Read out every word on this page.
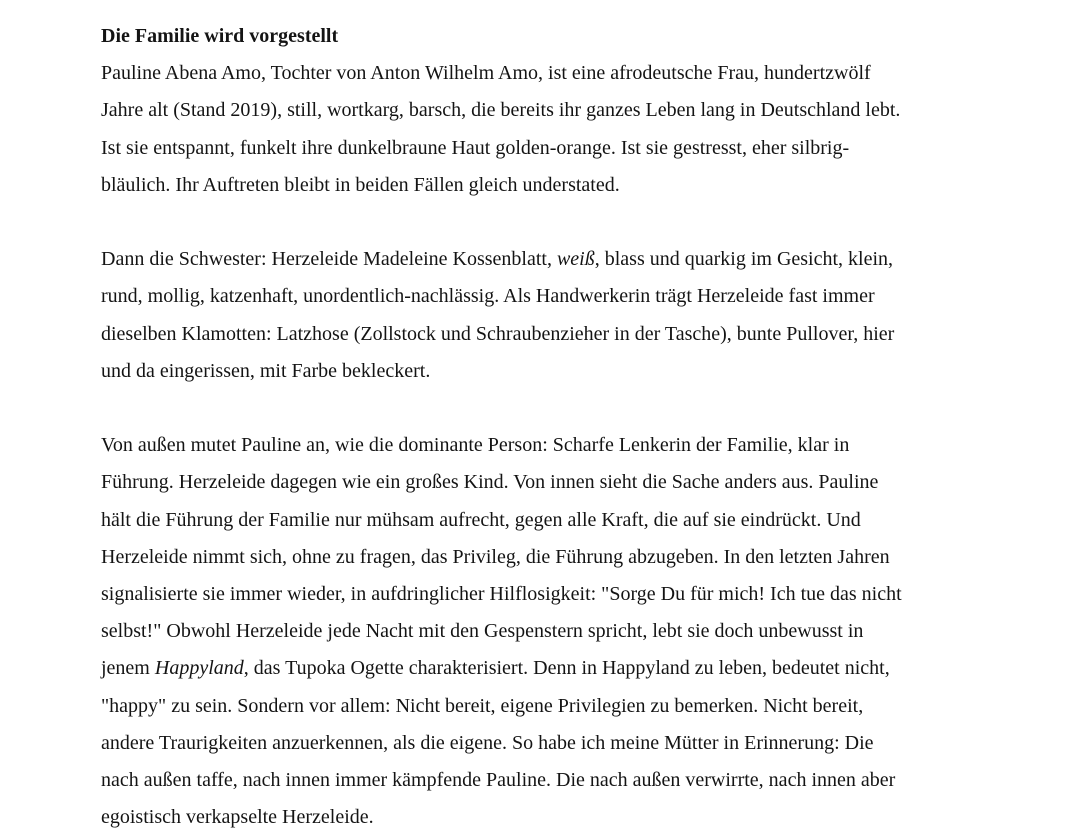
Die Familie wird vorgestellt

Pauline Abena Amo, Tochter von Anton Wilhelm Amo, ist eine afrodeutsche Frau, hundertzwölf
Jahre alt (Stand 2019), still, wortkarg, barsch, die bereits ihr ganzes Leben lang in Deutschland lebt.
Ist sie entspannt, funkelt ihre dunkelbraune Haut golden-orange. Ist sie gestresst, eher silbrig-
bläulich. Ihr Auftreten bleibt in beiden Fällen gleich understated.

Dann die Schwester: Herzeleide Madeleine Kossenblatt, weiß, blass und quarkig im Gesicht, klein,
rund, mollig, katzenhaft, unordentlich-nachlässig. Als Handwerkerin trägt Herzeleide fast immer
dieselben Klamotten: Latzhose (Zollstock und Schraubenzieher in der Tasche), bunte Pullover, hier
und da eingerissen, mit Farbe bekleckert.

Von außen mutet Pauline an, wie die dominante Person: Scharfe Lenkerin der Familie, klar in
Führung. Herzeleide dagegen wie ein großes Kind. Von innen sieht die Sache anders aus. Pauline
hält die Führung der Familie nur mühsam aufrecht, gegen alle Kraft, die auf sie eindrückt. Und
Herzeleide nimmt sich, ohne zu fragen, das Privileg, die Führung abzugeben. In den letzten Jahren
signalisierte sie immer wieder, in aufdringlicher Hilflosigkeit: "Sorge Du für mich! Ich tue das nicht
selbst!" Obwohl Herzeleide jede Nacht mit den Gespenstern spricht, lebt sie doch unbewusst in
jenem Happyland, das Tupoka Ogette charakterisiert. Denn in Happyland zu leben, bedeutet nicht,
"happy" zu sein. Sondern vor allem: Nicht bereit, eigene Privilegien zu bemerken. Nicht bereit,
andere Traurigkeiten anzuerkennen, als die eigene. So habe ich meine Mütter in Erinnerung: Die
nach außen taffe, nach innen immer kämpfende Pauline. Die nach außen verwirrte, nach innen aber
egoistisch verkapselte Herzeleide.
